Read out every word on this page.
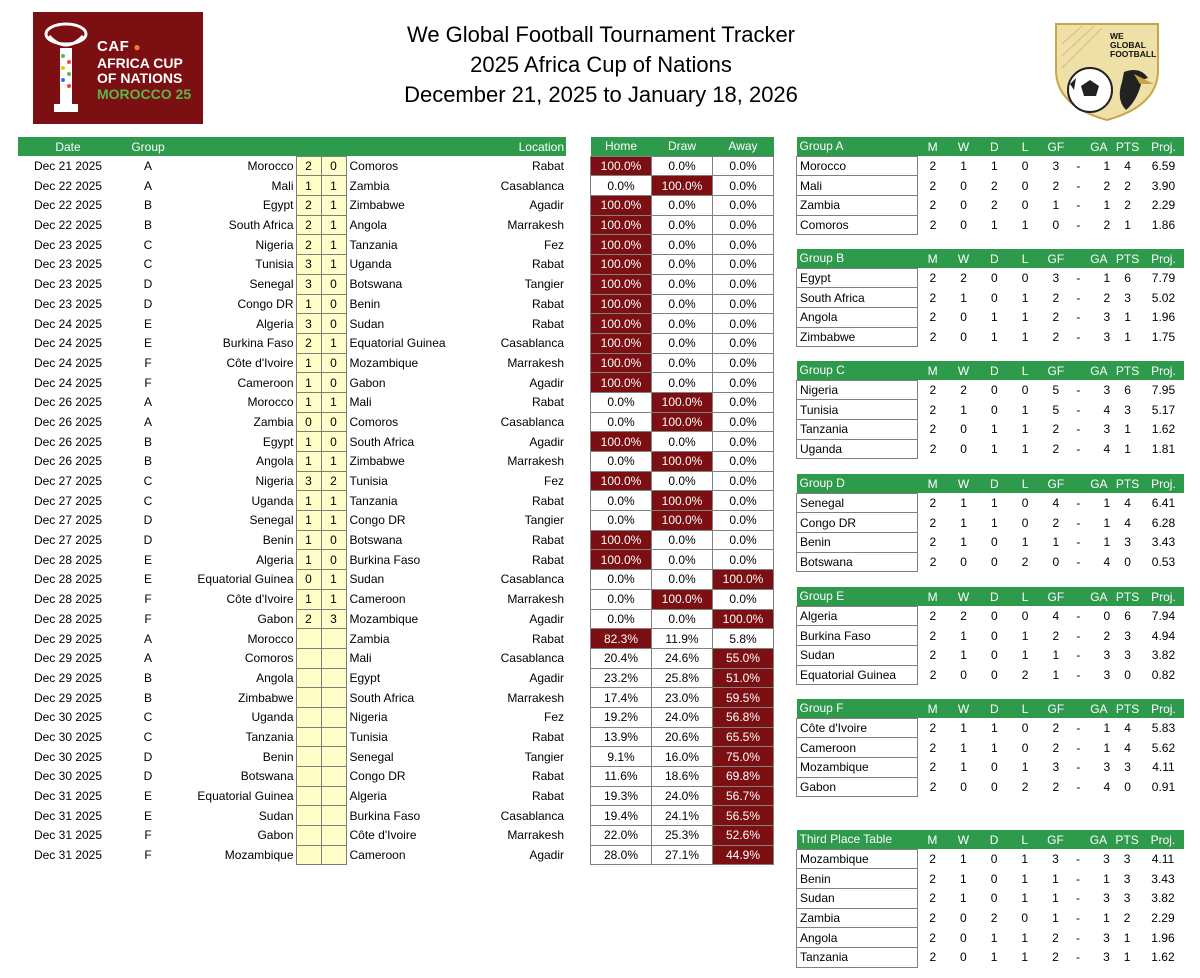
CAF ●
AFRICA CUP
OF NATIONS
MOROCCO 25
We Global Football Tournament Tracker
2025 Africa Cup of Nations
December 21, 2025 to January 18, 2026
WE
GLOBAL
FOOTBALL
Date	Group					Location
Dec 21 2025	A	Morocco	2	0	Comoros	Rabat
Dec 22 2025	A	Mali	1	1	Zambia	Casablanca
Dec 22 2025	B	Egypt	2	1	Zimbabwe	Agadir
Dec 22 2025	B	South Africa	2	1	Angola	Marrakesh
Dec 23 2025	C	Nigeria	2	1	Tanzania	Fez
Dec 23 2025	C	Tunisia	3	1	Uganda	Rabat
Dec 23 2025	D	Senegal	3	0	Botswana	Tangier
Dec 23 2025	D	Congo DR	1	0	Benin	Rabat
Dec 24 2025	E	Algeria	3	0	Sudan	Rabat
Dec 24 2025	E	Burkina Faso	2	1	Equatorial Guinea	Casablanca
Dec 24 2025	F	Côte d'Ivoire	1	0	Mozambique	Marrakesh
Dec 24 2025	F	Cameroon	1	0	Gabon	Agadir
Dec 26 2025	A	Morocco	1	1	Mali	Rabat
Dec 26 2025	A	Zambia	0	0	Comoros	Casablanca
Dec 26 2025	B	Egypt	1	0	South Africa	Agadir
Dec 26 2025	B	Angola	1	1	Zimbabwe	Marrakesh
Dec 27 2025	C	Nigeria	3	2	Tunisia	Fez
Dec 27 2025	C	Uganda	1	1	Tanzania	Rabat
Dec 27 2025	D	Senegal	1	1	Congo DR	Tangier
Dec 27 2025	D	Benin	1	0	Botswana	Rabat
Dec 28 2025	E	Algeria	1	0	Burkina Faso	Rabat
Dec 28 2025	E	Equatorial Guinea	0	1	Sudan	Casablanca
Dec 28 2025	F	Côte d'Ivoire	1	1	Cameroon	Marrakesh
Dec 28 2025	F	Gabon	2	3	Mozambique	Agadir
Dec 29 2025	A	Morocco			Zambia	Rabat
Dec 29 2025	A	Comoros			Mali	Casablanca
Dec 29 2025	B	Angola			Egypt	Agadir
Dec 29 2025	B	Zimbabwe			South Africa	Marrakesh
Dec 30 2025	C	Uganda			Nigeria	Fez
Dec 30 2025	C	Tanzania			Tunisia	Rabat
Dec 30 2025	D	Benin			Senegal	Tangier
Dec 30 2025	D	Botswana			Congo DR	Rabat
Dec 31 2025	E	Equatorial Guinea			Algeria	Rabat
Dec 31 2025	E	Sudan			Burkina Faso	Casablanca
Dec 31 2025	F	Gabon			Côte d'Ivoire	Marrakesh
Dec 31 2025	F	Mozambique			Cameroon	Agadir
Home	Draw	Away
100.0%	0.0%	0.0%
0.0%	100.0%	0.0%
100.0%	0.0%	0.0%
100.0%	0.0%	0.0%
100.0%	0.0%	0.0%
100.0%	0.0%	0.0%
100.0%	0.0%	0.0%
100.0%	0.0%	0.0%
100.0%	0.0%	0.0%
100.0%	0.0%	0.0%
100.0%	0.0%	0.0%
100.0%	0.0%	0.0%
0.0%	100.0%	0.0%
0.0%	100.0%	0.0%
100.0%	0.0%	0.0%
0.0%	100.0%	0.0%
100.0%	0.0%	0.0%
0.0%	100.0%	0.0%
0.0%	100.0%	0.0%
100.0%	0.0%	0.0%
100.0%	0.0%	0.0%
0.0%	0.0%	100.0%
0.0%	100.0%	0.0%
0.0%	0.0%	100.0%
82.3%	11.9%	5.8%
20.4%	24.6%	55.0%
23.2%	25.8%	51.0%
17.4%	23.0%	59.5%
19.2%	24.0%	56.8%
13.9%	20.6%	65.5%
9.1%	16.0%	75.0%
11.6%	18.6%	69.8%
19.3%	24.0%	56.7%
19.4%	24.1%	56.5%
22.0%	25.3%	52.6%
28.0%	27.1%	44.9%
Group A	M	W	D	L	GF		GA	PTS	Proj.
Morocco	2	1	1	0	3	-	1	4	6.59
Mali	2	0	2	0	2	-	2	2	3.90
Zambia	2	0	2	0	1	-	1	2	2.29
Comoros	2	0	1	1	0	-	2	1	1.86
Group B	M	W	D	L	GF		GA	PTS	Proj.
Egypt	2	2	0	0	3	-	1	6	7.79
South Africa	2	1	0	1	2	-	2	3	5.02
Angola	2	0	1	1	2	-	3	1	1.96
Zimbabwe	2	0	1	1	2	-	3	1	1.75
Group C	M	W	D	L	GF		GA	PTS	Proj.
Nigeria	2	2	0	0	5	-	3	6	7.95
Tunisia	2	1	0	1	5	-	4	3	5.17
Tanzania	2	0	1	1	2	-	3	1	1.62
Uganda	2	0	1	1	2	-	4	1	1.81
Group D	M	W	D	L	GF		GA	PTS	Proj.
Senegal	2	1	1	0	4	-	1	4	6.41
Congo DR	2	1	1	0	2	-	1	4	6.28
Benin	2	1	0	1	1	-	1	3	3.43
Botswana	2	0	0	2	0	-	4	0	0.53
Group E	M	W	D	L	GF		GA	PTS	Proj.
Algeria	2	2	0	0	4	-	0	6	7.94
Burkina Faso	2	1	0	1	2	-	2	3	4.94
Sudan	2	1	0	1	1	-	3	3	3.82
Equatorial Guinea	2	0	0	2	1	-	3	0	0.82
Group F	M	W	D	L	GF		GA	PTS	Proj.
Côte d'Ivoire	2	1	1	0	2	-	1	4	5.83
Cameroon	2	1	1	0	2	-	1	4	5.62
Mozambique	2	1	0	1	3	-	3	3	4.11
Gabon	2	0	0	2	2	-	4	0	0.91
Third Place Table	M	W	D	L	GF		GA	PTS	Proj.
Mozambique	2	1	0	1	3	-	3	3	4.11
Benin	2	1	0	1	1	-	1	3	3.43
Sudan	2	1	0	1	1	-	3	3	3.82
Zambia	2	0	2	0	1	-	1	2	2.29
Angola	2	0	1	1	2	-	3	1	1.96
Tanzania	2	0	1	1	2	-	3	1	1.62
